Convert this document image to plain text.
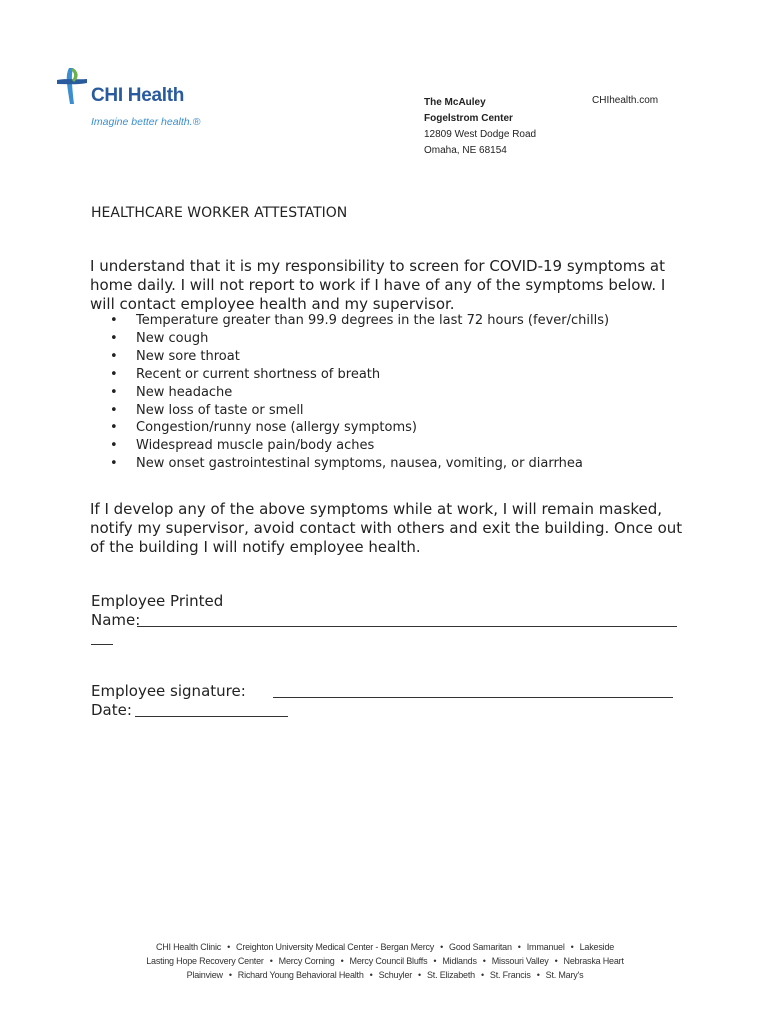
CHI Health
Imagine better health.®
The McAuley
Fogelstrom Center
12809 West Dodge Road
Omaha, NE 68154
CHIhealth.com
HEALTHCARE WORKER ATTESTATION
I understand that it is my responsibility to screen for COVID-19 symptoms at home daily. I will not report to work if I have of any of the symptoms below. I will contact employee health and my supervisor.
• Temperature greater than 99.9 degrees in the last 72 hours (fever/chills)
• New cough
• New sore throat
• Recent or current shortness of breath
• New headache
• New loss of taste or smell
• Congestion/runny nose (allergy symptoms)
• Widespread muscle pain/body aches
• New onset gastrointestinal symptoms, nausea, vomiting, or diarrhea
If I develop any of the above symptoms while at work, I will remain masked, notify my supervisor, avoid contact with others and exit the building. Once out of the building I will notify employee health.
Employee Printed
Name:
Employee signature:
Date:
CHI Health Clinic • Creighton University Medical Center - Bergan Mercy • Good Samaritan • Immanuel • Lakeside
Lasting Hope Recovery Center • Mercy Corning • Mercy Council Bluffs • Midlands • Missouri Valley • Nebraska Heart
Plainview • Richard Young Behavioral Health • Schuyler • St. Elizabeth • St. Francis • St. Mary's
